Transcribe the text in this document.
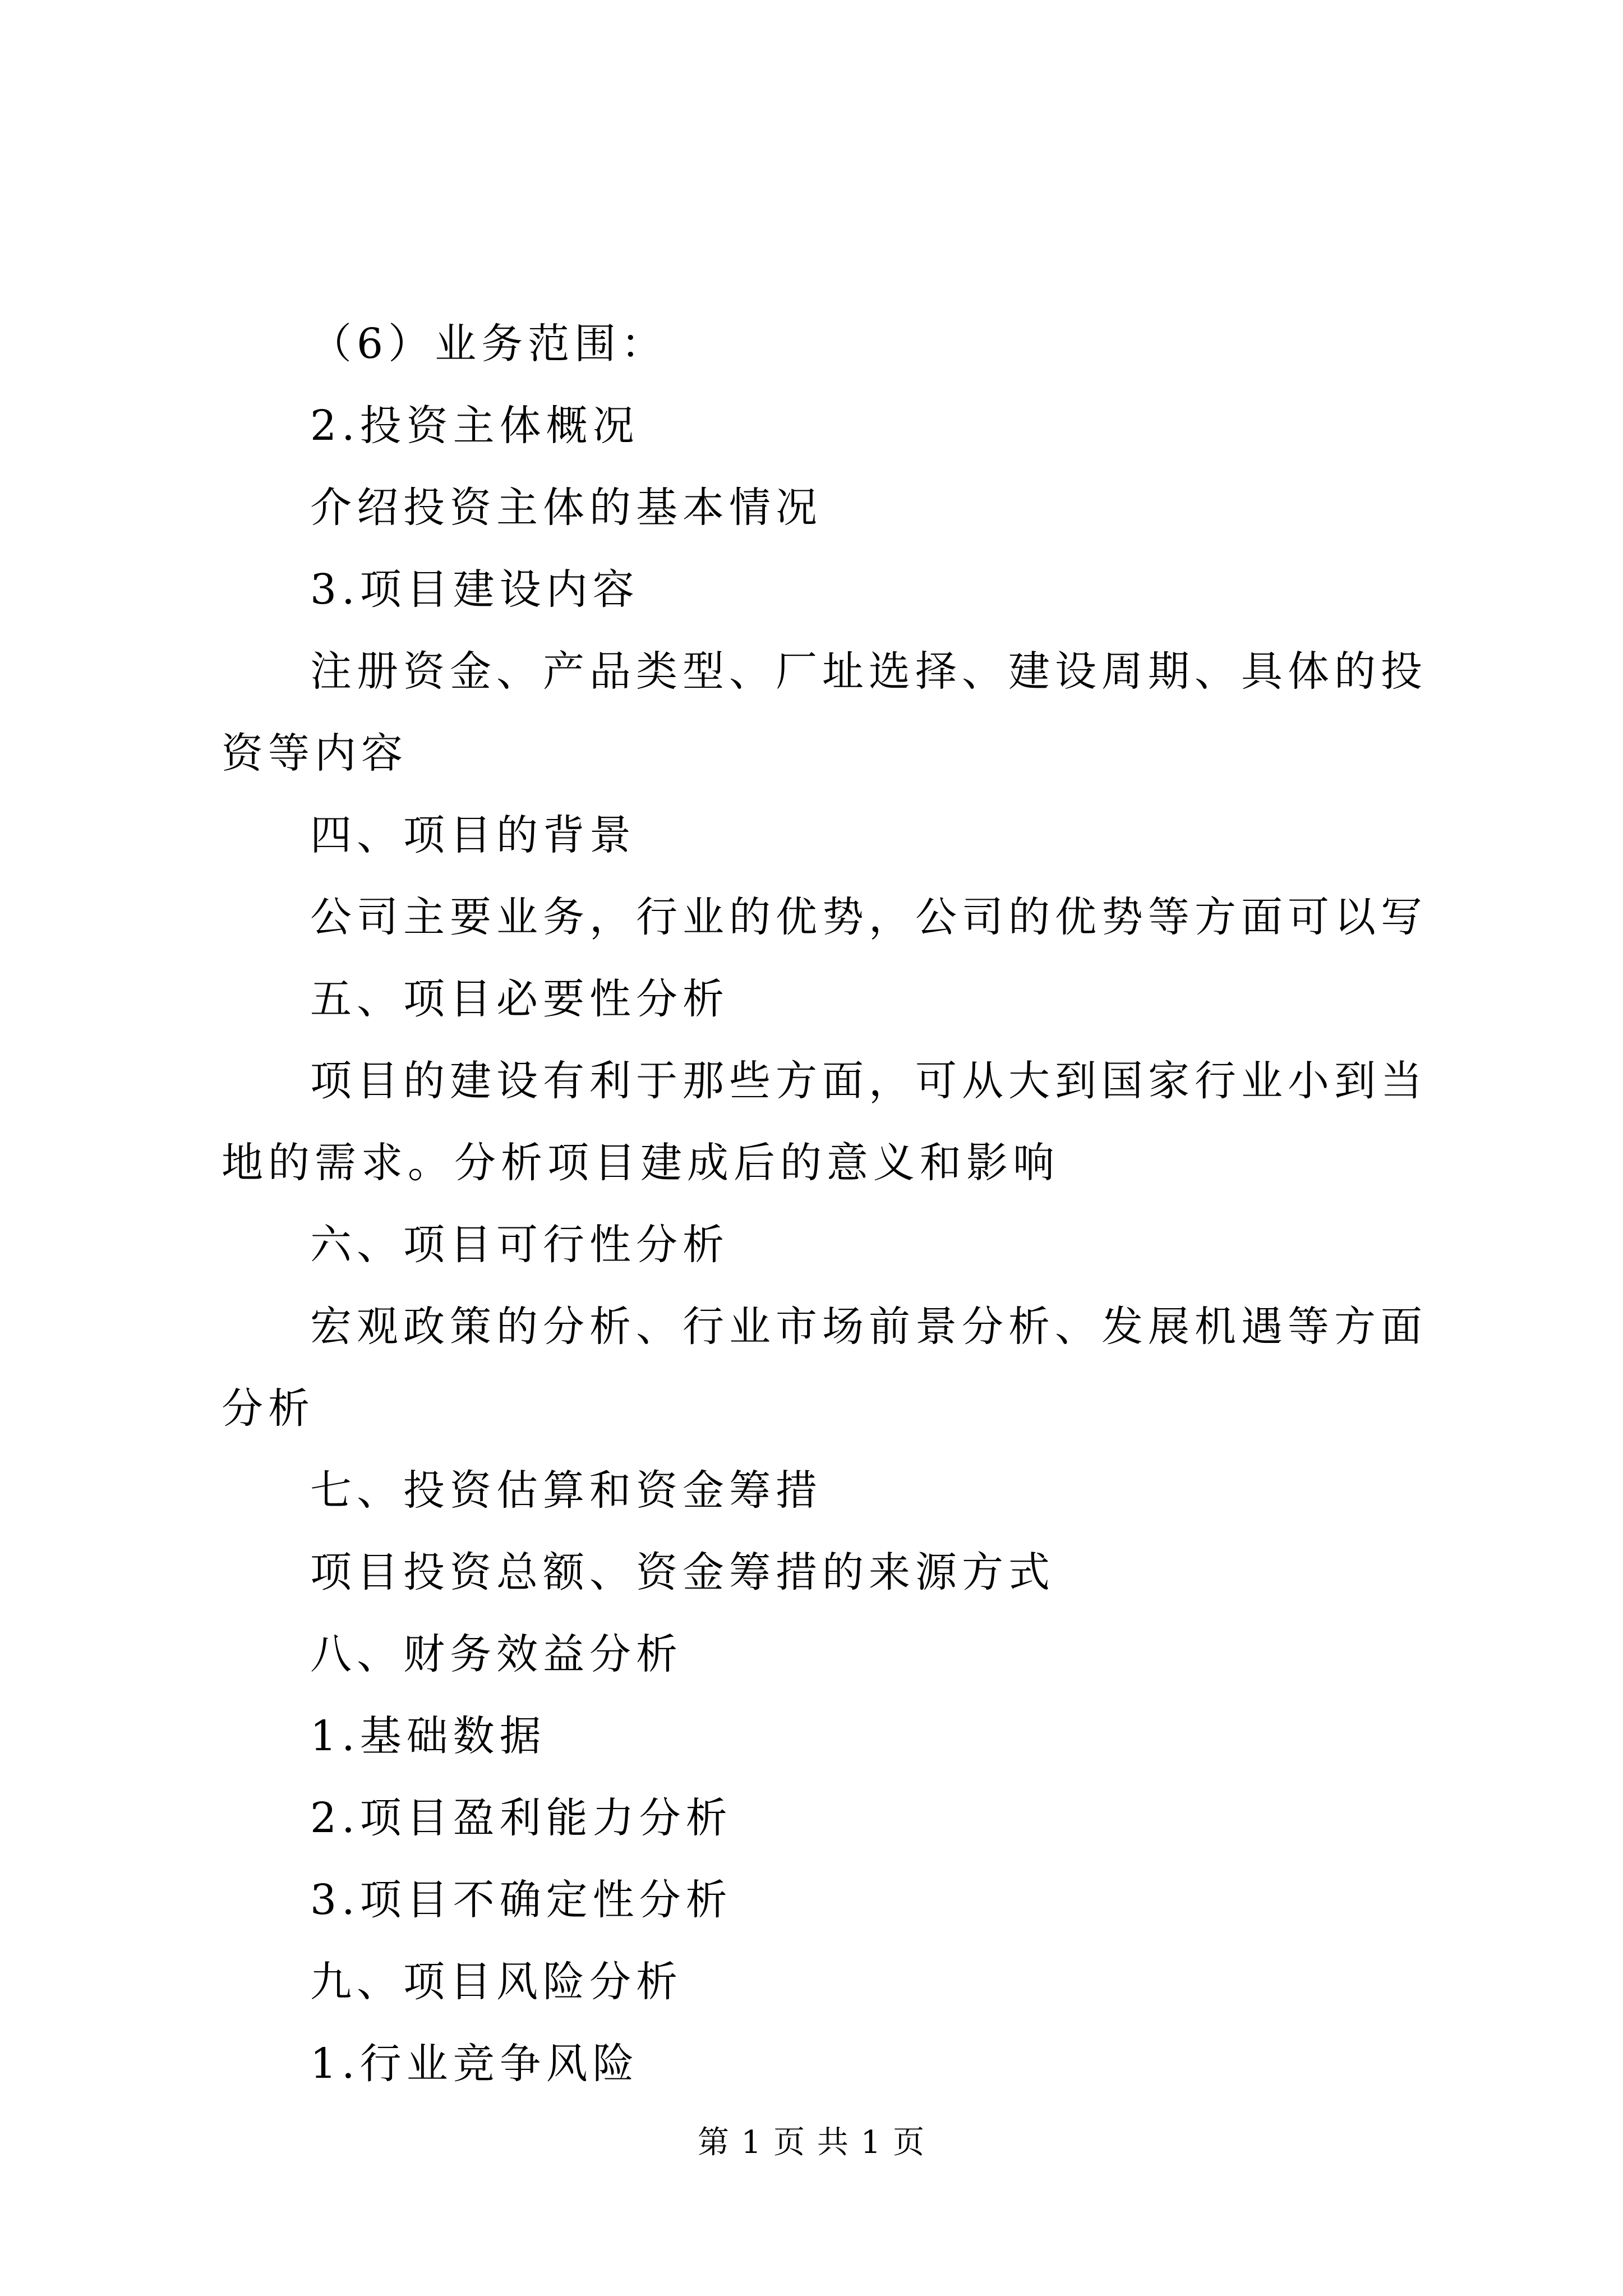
（6）业务范围：

2.投资主体概况

介绍投资主体的基本情况

3.项目建设内容

注册资金、产品类型、厂址选择、建设周期、具体的投资等内容

四、项目的背景

公司主要业务，行业的优势，公司的优势等方面可以写

五、项目必要性分析

项目的建设有利于那些方面，可从大到国家行业小到当地的需求。分析项目建成后的意义和影响

六、项目可行性分析

宏观政策的分析、行业市场前景分析、发展机遇等方面分析

七、投资估算和资金筹措

项目投资总额、资金筹措的来源方式

八、财务效益分析

1.基础数据

2.项目盈利能力分析

3.项目不确定性分析

九、项目风险分析

1.行业竞争风险

第 1 页 共 1 页
